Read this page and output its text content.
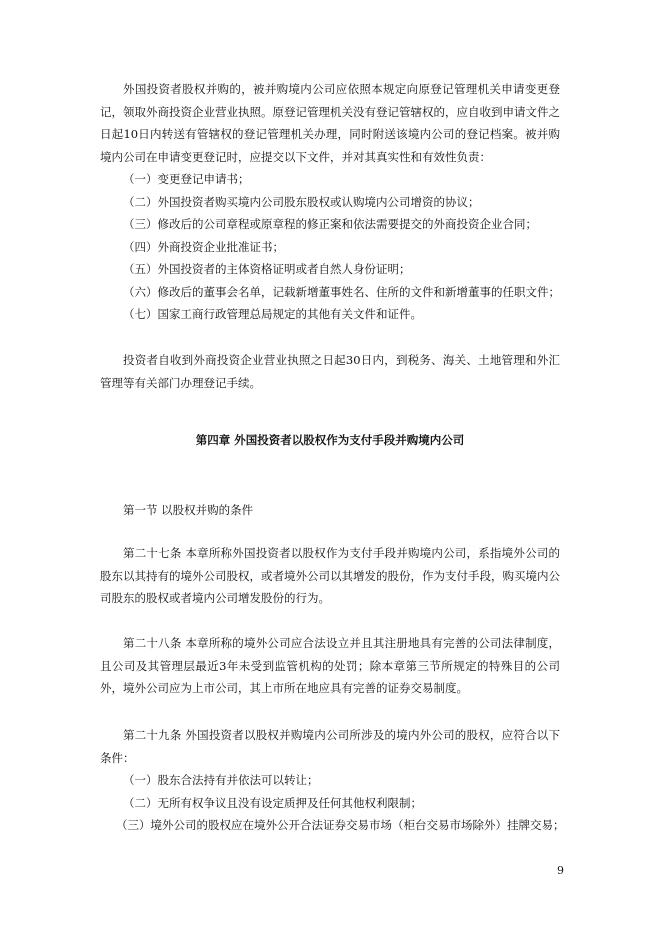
外国投资者股权并购的，被并购境内公司应依照本规定向原登记管理机关申请变更登记，领取外商投资企业营业执照。原登记管理机关没有登记管辖权的，应自收到申请文件之日起10日内转送有管辖权的登记管理机关办理，同时附送该境内公司的登记档案。被并购境内公司在申请变更登记时，应提交以下文件，并对其真实性和有效性负责：

（一）变更登记申请书；

（二）外国投资者购买境内公司股东股权或认购境内公司增资的协议；

（三）修改后的公司章程或原章程的修正案和依法需要提交的外商投资企业合同；

（四）外商投资企业批准证书；

（五）外国投资者的主体资格证明或者自然人身份证明；

（六）修改后的董事会名单，记载新增董事姓名、住所的文件和新增董事的任职文件；

（七）国家工商行政管理总局规定的其他有关文件和证件。

投资者自收到外商投资企业营业执照之日起30日内，到税务、海关、土地管理和外汇管理等有关部门办理登记手续。

第四章 外国投资者以股权作为支付手段并购境内公司

第一节 以股权并购的条件

第二十七条 本章所称外国投资者以股权作为支付手段并购境内公司，系指境外公司的股东以其持有的境外公司股权，或者境外公司以其增发的股份，作为支付手段，购买境内公司股东的股权或者境内公司增发股份的行为。

第二十八条 本章所称的境外公司应合法设立并且其注册地具有完善的公司法律制度，且公司及其管理层最近3年未受到监管机构的处罚；除本章第三节所规定的特殊目的公司外，境外公司应为上市公司，其上市所在地应具有完善的证券交易制度。

第二十九条 外国投资者以股权并购境内公司所涉及的境内外公司的股权，应符合以下条件：

（一）股东合法持有并依法可以转让；

（二）无所有权争议且没有设定质押及任何其他权利限制；

（三）境外公司的股权应在境外公开合法证券交易市场（柜台交易市场除外）挂牌交易；

9
